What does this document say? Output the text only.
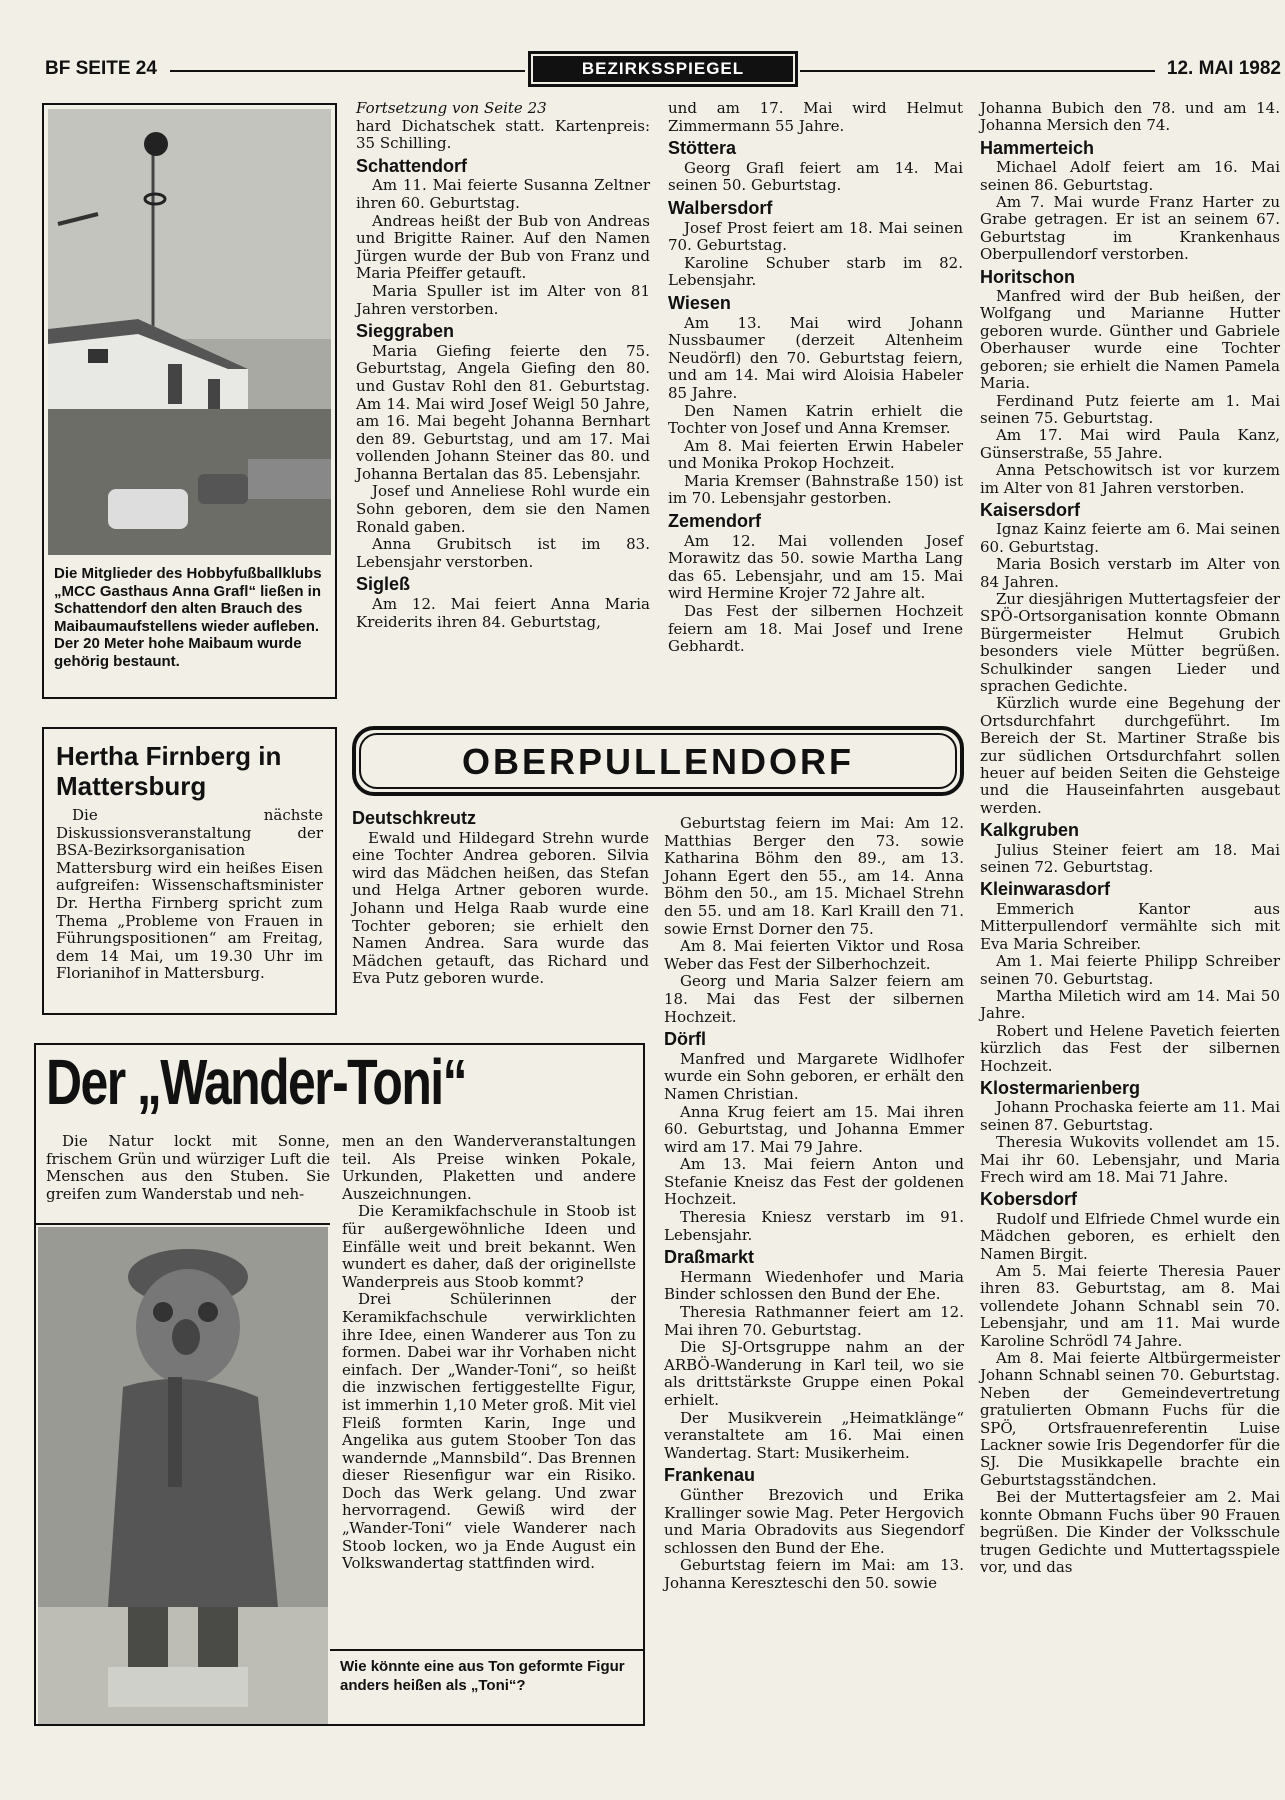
BF SEITE 24	BEZIRKSSPIEGEL	12. MAI 1982
Die Mitglieder des Hobbyfußballklubs „MCC Gasthaus Anna Grafl“ ließen in Schattendorf den alten Brauch des Maibaumaufstellens wieder aufleben. Der 20 Meter hohe Maibaum wurde gehörig bestaunt.
Hertha Firnberg in Mattersburg
Die nächste Diskussionsveranstaltung der BSA-Bezirksorganisation Mattersburg wird ein heißes Eisen aufgreifen: Wissenschaftsminister Dr. Hertha Firnberg spricht zum Thema „Probleme von Frauen in Führungspositionen“ am Freitag, dem 14 Mai, um 19.30 Uhr im Florianihof in Mattersburg.

Fortsetzung von Seite 23

hard Dichatschek statt. Kartenpreis: 35 Schilling.

Schattendorf

Am 11. Mai feierte Susanna Zeltner ihren 60. Geburtstag.

Andreas heißt der Bub von Andreas und Brigitte Rainer. Auf den Namen Jürgen wurde der Bub von Franz und Maria Pfeiffer getauft.

Maria Spuller ist im Alter von 81 Jahren verstorben.

Sieggraben

Maria Giefing feierte den 75. Geburtstag, Angela Giefing den 80. und Gustav Rohl den 81. Geburtstag. Am 14. Mai wird Josef Weigl 50 Jahre, am 16. Mai begeht Johanna Bernhart den 89. Geburtstag, und am 17. Mai vollenden Johann Steiner das 80. und Johanna Bertalan das 85. Lebensjahr.

Josef und Anneliese Rohl wurde ein Sohn geboren, dem sie den Namen Ronald gaben.

Anna Grubitsch ist im 83. Lebensjahr verstorben.

Sigleß

Am 12. Mai feiert Anna Maria Kreiderits ihren 84. Geburtstag,

und am 17. Mai wird Helmut Zimmermann 55 Jahre.

Stöttera

Georg Grafl feiert am 14. Mai seinen 50. Geburtstag.

Walbersdorf

Josef Prost feiert am 18. Mai seinen 70. Geburtstag.

Karoline Schuber starb im 82. Lebensjahr.

Wiesen

Am 13. Mai wird Johann Nussbaumer (derzeit Altenheim Neudörfl) den 70. Geburtstag feiern, und am 14. Mai wird Aloisia Habeler 85 Jahre.

Den Namen Katrin erhielt die Tochter von Josef und Anna Kremser.

Am 8. Mai feierten Erwin Habeler und Monika Prokop Hochzeit.

Maria Kremser (Bahnstraße 150) ist im 70. Lebensjahr gestorben.

Zemendorf

Am 12. Mai vollenden Josef Morawitz das 50. sowie Martha Lang das 65. Lebensjahr, und am 15. Mai wird Hermine Krojer 72 Jahre alt.

Das Fest der silbernen Hochzeit feiern am 18. Mai Josef und Irene Gebhardt.

Johanna Bubich den 78. und am 14. Johanna Mersich den 74.

Hammerteich

Michael Adolf feiert am 16. Mai seinen 86. Geburtstag.

Am 7. Mai wurde Franz Harter zu Grabe getragen. Er ist an seinem 67. Geburtstag im Krankenhaus Oberpullendorf verstorben.

Horitschon

Manfred wird der Bub heißen, der Wolfgang und Marianne Hutter geboren wurde. Günther und Gabriele Oberhauser wurde eine Tochter geboren; sie erhielt die Namen Pamela Maria.

Ferdinand Putz feierte am 1. Mai seinen 75. Geburtstag.

Am 17. Mai wird Paula Kanz, Günserstraße, 55 Jahre.

Anna Petschowitsch ist vor kurzem im Alter von 81 Jahren verstorben.

Kaisersdorf

Ignaz Kainz feierte am 6. Mai seinen 60. Geburtstag.

Maria Bosich verstarb im Alter von 84 Jahren.

Zur diesjährigen Muttertagsfeier der SPÖ-Ortsorganisation konnte Obmann Bürgermeister Helmut Grubich besonders viele Mütter begrüßen. Schulkinder sangen Lieder und sprachen Gedichte.

Kürzlich wurde eine Begehung der Ortsdurchfahrt durchgeführt. Im Bereich der St. Martiner Straße bis zur südlichen Ortsdurchfahrt sollen heuer auf beiden Seiten die Gehsteige und die Hauseinfahrten ausgebaut werden.

Kalkgruben

Julius Steiner feiert am 18. Mai seinen 72. Geburtstag.

Kleinwarasdorf

Emmerich Kantor aus Mitterpullendorf vermählte sich mit Eva Maria Schreiber.

Am 1. Mai feierte Philipp Schreiber seinen 70. Geburtstag.

Martha Miletich wird am 14. Mai 50 Jahre.

Robert und Helene Pavetich feierten kürzlich das Fest der silbernen Hochzeit.

Klostermarienberg

Johann Prochaska feierte am 11. Mai seinen 87. Geburtstag.

Theresia Wukovits vollendet am 15. Mai ihr 60. Lebensjahr, und Maria Frech wird am 18. Mai 71 Jahre.

Kobersdorf

Rudolf und Elfriede Chmel wurde ein Mädchen geboren, es erhielt den Namen Birgit.

Am 5. Mai feierte Theresia Pauer ihren 83. Geburtstag, am 8. Mai vollendete Johann Schnabl sein 70. Lebensjahr, und am 11. Mai wurde Karoline Schrödl 74 Jahre.

Am 8. Mai feierte Altbürgermeister Johann Schnabl seinen 70. Geburtstag. Neben der Gemeindevertretung gratulierten Obmann Fuchs für die SPÖ, Ortsfrauenreferentin Luise Lackner sowie Iris Degendorfer für die SJ. Die Musikkapelle brachte ein Geburtstagsständchen.

Bei der Muttertagsfeier am 2. Mai konnte Obmann Fuchs über 90 Frauen begrüßen. Die Kinder der Volksschule trugen Gedichte und Muttertagsspiele vor, und das

OBERPULLENDORF
Deutschkreutz

Ewald und Hildegard Strehn wurde eine Tochter Andrea geboren. Silvia wird das Mädchen heißen, das Stefan und Helga Artner geboren wurde. Johann und Helga Raab wurde eine Tochter geboren; sie erhielt den Namen Andrea. Sara wurde das Mädchen getauft, das Richard und Eva Putz geboren wurde.

Geburtstag feiern im Mai: Am 12. Matthias Berger den 73. sowie Katharina Böhm den 89., am 13. Johann Egert den 55., am 14. Anna Böhm den 50., am 15. Michael Strehn den 55. und am 18. Karl Kraill den 71. sowie Ernst Dorner den 75.

Am 8. Mai feierten Viktor und Rosa Weber das Fest der Silberhochzeit.

Georg und Maria Salzer feiern am 18. Mai das Fest der silbernen Hochzeit.

Dörfl

Manfred und Margarete Widlhofer wurde ein Sohn geboren, er erhält den Namen Christian.

Anna Krug feiert am 15. Mai ihren 60. Geburtstag, und Johanna Emmer wird am 17. Mai 79 Jahre.

Am 13. Mai feiern Anton und Stefanie Kneisz das Fest der goldenen Hochzeit.

Theresia Kniesz verstarb im 91. Lebensjahr.

Draßmarkt

Hermann Wiedenhofer und Maria Binder schlossen den Bund der Ehe.

Theresia Rathmanner feiert am 12. Mai ihren 70. Geburtstag.

Die SJ-Ortsgruppe nahm an der ARBÖ-Wanderung in Karl teil, wo sie als drittstärkste Gruppe einen Pokal erhielt.

Der Musikverein „Heimatklänge“ veranstaltete am 16. Mai einen Wandertag. Start: Musikerheim.

Frankenau

Günther Brezovich und Erika Krallinger sowie Mag. Peter Hergovich und Maria Obradovits aus Siegendorf schlossen den Bund der Ehe.

Geburtstag feiern im Mai: am 13. Johanna Kereszteschi den 50. sowie

Der „Wander-Toni“

Die Natur lockt mit Sonne, frischem Grün und würziger Luft die Menschen aus den Stuben. Sie greifen zum Wanderstab und neh-

men an den Wanderveranstaltungen teil. Als Preise winken Pokale, Urkunden, Plaketten und andere Auszeichnungen.

Die Keramikfachschule in Stoob ist für außergewöhnliche Ideen und Einfälle weit und breit bekannt. Wen wundert es daher, daß der originellste Wanderpreis aus Stoob kommt?

Drei Schülerinnen der Keramikfachschule verwirklichten ihre Idee, einen Wanderer aus Ton zu formen. Dabei war ihr Vorhaben nicht einfach. Der „Wander-Toni“, so heißt die inzwischen fertiggestellte Figur, ist immerhin 1,10 Meter groß. Mit viel Fleiß formten Karin, Inge und Angelika aus gutem Stoober Ton das wandernde „Mannsbild“. Das Brennen dieser Riesenfigur war ein Risiko. Doch das Werk gelang. Und zwar hervorragend. Gewiß wird der „Wander-Toni“ viele Wanderer nach Stoob locken, wo ja Ende August ein Volkswandertag stattfinden wird.

Wie könnte eine aus Ton geformte Figur anders heißen als „Toni“?
